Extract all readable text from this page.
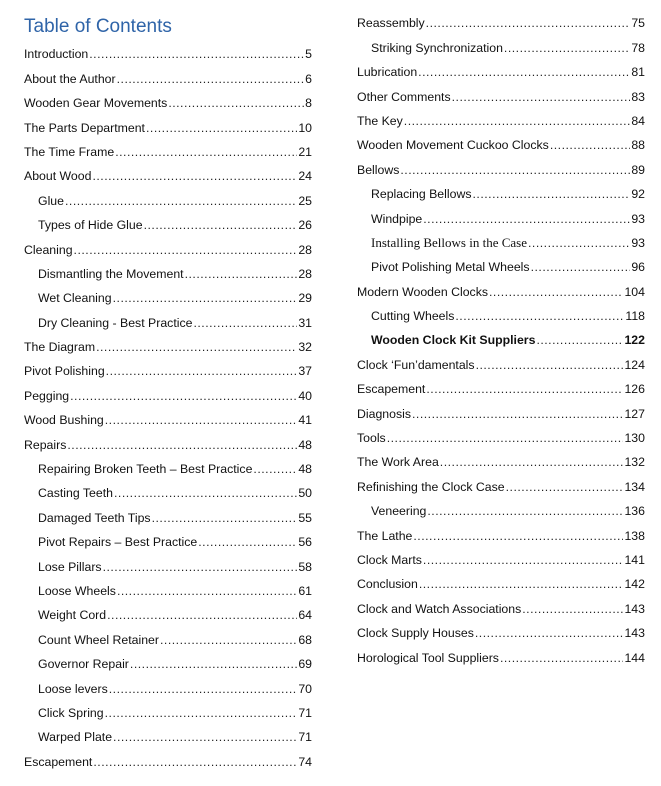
Table of Contents
Introduction .....	5
About the Author .....	6
Wooden Gear Movements .....	8
The Parts Department .....	10
The Time Frame .....	21
About Wood .....	24
Glue .....	25
Types of Hide Glue .....	26
Cleaning .....	28
Dismantling the Movement .....	28
Wet Cleaning .....	29
Dry Cleaning - Best Practice .....	31
The Diagram .....	32
Pivot Polishing .....	37
Pegging .....	40
Wood Bushing .....	41
Repairs .....	48
Repairing Broken Teeth – Best Practice .....	48
Casting Teeth .....	50
Damaged Teeth Tips .....	55
Pivot Repairs – Best Practice .....	56
Lose Pillars .....	58
Loose Wheels .....	61
Weight Cord .....	64
Count Wheel Retainer .....	68
Governor Repair .....	69
Loose levers .....	70
Click Spring .....	71
Warped Plate .....	71
Escapement .....	74
Reassembly .....	75
Striking Synchronization .....	78
Lubrication .....	81
Other Comments .....	83
The Key .....	84
Wooden Movement Cuckoo Clocks .....	88
Bellows .....	89
Replacing Bellows .....	92
Windpipe .....	93
Installing Bellows in the Case .....	93
Pivot Polishing Metal Wheels .....	96
Modern Wooden Clocks .....	104
Cutting Wheels .....	118
Wooden Clock Kit Suppliers .....	122
Clock ‘Fun’damentals .....	124
Escapement .....	126
Diagnosis .....	127
Tools .....	130
The Work Area .....	132
Refinishing the Clock Case .....	134
Veneering .....	136
The Lathe .....	138
Clock Marts .....	141
Conclusion .....	142
Clock and Watch Associations .....	143
Clock Supply Houses .....	143
Horological Tool Suppliers .....	144
